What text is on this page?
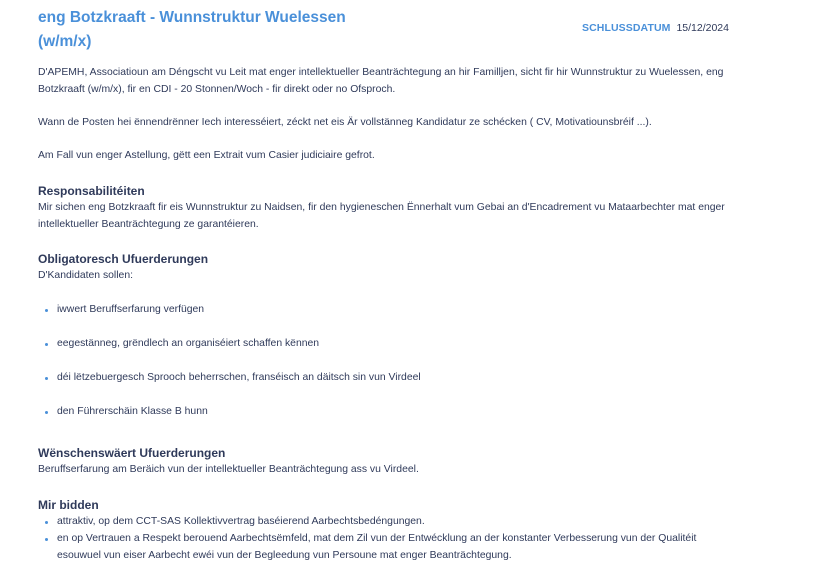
eng Botzkraaft - Wunnstruktur Wuelessen (w/m/x)
SCHLUSSDATUM 15/12/2024

D'APEMH, Associatioun am Déngscht vu Leit mat enger intellektueller Beanträchtegung an hir Familljen, sicht fir hir Wunnstruktur zu Wuelessen, eng Botzkraaft (w/m/x), fir en CDI - 20 Stonnen/Woch - fir direkt oder no Ofspro​ch.

Wann de Posten hei ënnendrënner Iech interesséiert, zéckt net eis Är vollstänneg Kandidatur ze schécken ( CV, Motivatiounsbréif ...).

Am Fall vun enger Astellung, gëtt een Extrait vum Casier judiciaire gefrot.

Responsabilitéiten

Mir sichen eng Botzkraaft fir eis Wunnstruktur zu Naidsen, fir den hygieneschen Ënnerhalt vum Gebai an d'Encadrement vu Mataarbechter mat enger intellektueller Beanträchtegung ze garantéieren.

Obligatoresch Ufuerderungen

D'Kandidaten sollen:

iwwert Beruffserfarung verfügen
eegestänneg, grëndlech an organiséiert schaffen kënnen
déi lëtzebuergesch Sprooch beherrschen, franséisch an däitsch sin vun Virdeel
den Führerschäin Klasse B hunn
Wënschenswäert Ufuerderungen

Beruffserfarung am Beräich vun der intellektueller Beanträchtegung ass vu Virdeel.

Mir bidden
attraktiv, op dem CCT-SAS Kollektivvertrag baséierend Aarbechtsbedéngungen.
en op Vertrauen a Respekt berouend Aarbechtsëmfeld, mat dem Zil vun der Entwécklung an der konstanter Verbesserung vun der Qualitéit esouwuel vun eiser Aarbecht ewéi vun der Begleedung vun Persoune mat enger Beanträchtegung.
